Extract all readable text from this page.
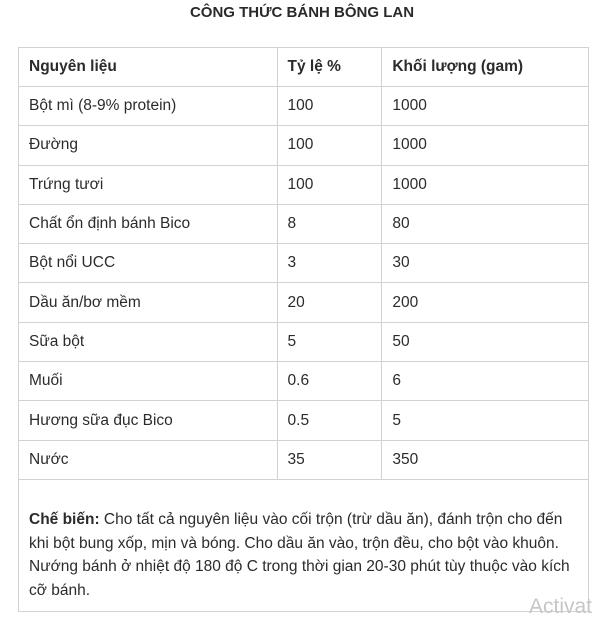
CÔNG THỨC BÁNH BÔNG LAN
Nguyên liệu	Tỷ lệ %	Khối lượng (gam)
Bột mì (8-9% protein)	100	1000
Đường	100	1000
Trứng tươi	100	1000
Chất ổn định bánh Bico	8	80
Bột nổi UCC	3	30
Dầu ăn/bơ mềm	20	200
Sữa bột	5	50
Muối	0.6	6
Hương sữa đục Bico	0.5	5
Nước	35	350
Chế biến: Cho tất cả nguyên liệu vào cối trộn (trừ dầu ăn), đánh trộn cho đến khi bột bung xốp, mịn và bóng. Cho dầu ăn vào, trộn đều, cho bột vào khuôn. Nướng bánh ở nhiệt độ 180 độ C trong thời gian 20-30 phút tùy thuộc vào kích cỡ bánh.
Activat
